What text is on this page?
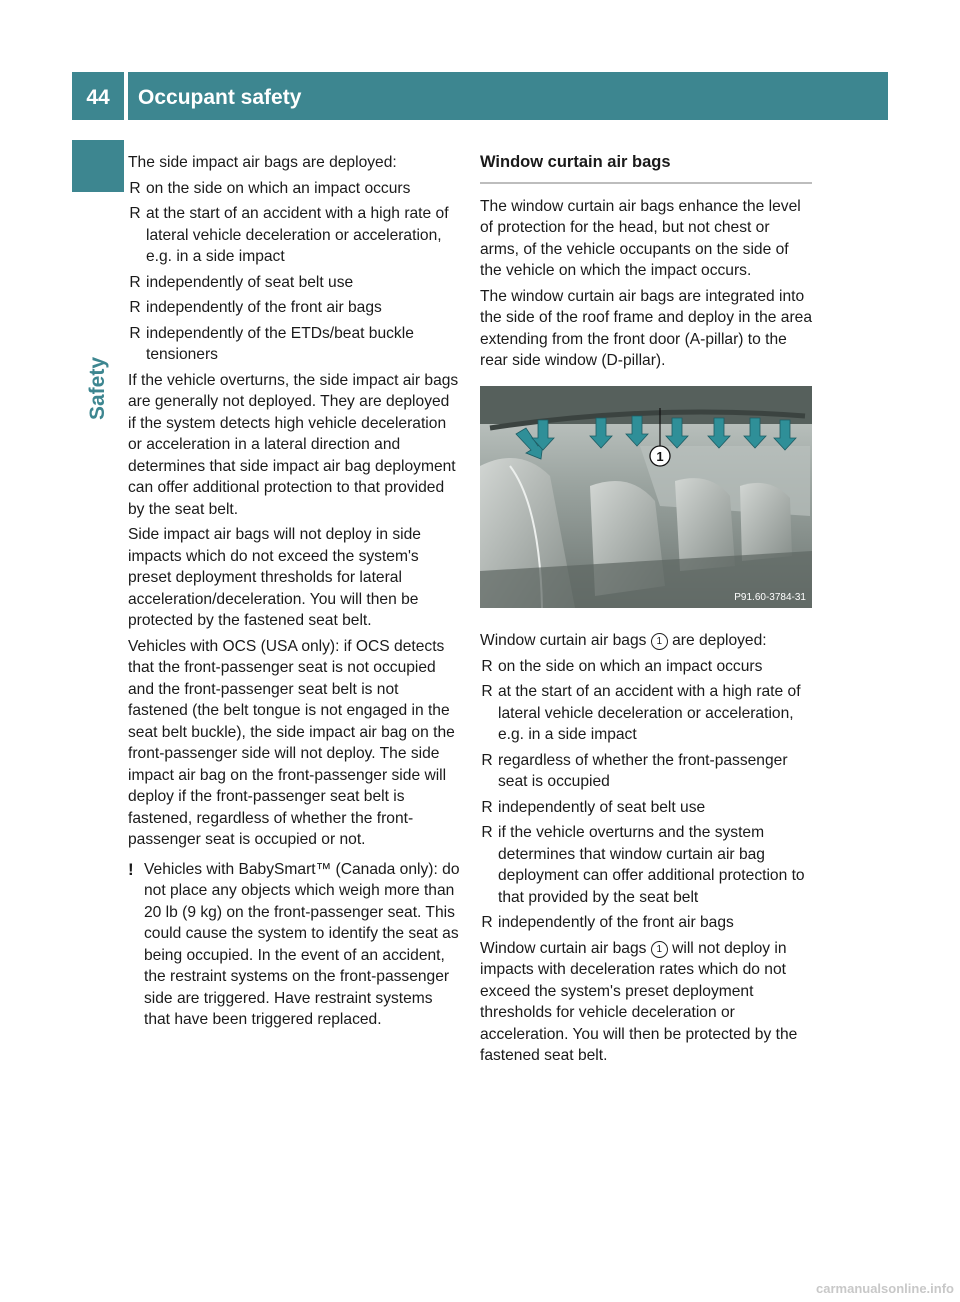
44	Occupant safety
Safety

The side impact air bags are deployed:

R on the side on which an impact occurs
R at the start of an accident with a high rate of lateral vehicle deceleration or acceleration, e.g. in a side impact
R independently of seat belt use
R independently of the front air bags
R independently of the ETDs/beat buckle tensioners

If the vehicle overturns, the side impact air bags are generally not deployed. They are deployed if the system detects high vehicle deceleration or acceleration in a lateral direction and determines that side impact air bag deployment can offer additional protection to that provided by the seat belt.

Side impact air bags will not deploy in side impacts which do not exceed the system's preset deployment thresholds for lateral acceleration/deceleration. You will then be protected by the fastened seat belt.

Vehicles with OCS (USA only): if OCS detects that the front-passenger seat is not occupied and the front-passenger seat belt is not fastened (the belt tongue is not engaged in the seat belt buckle), the side impact air bag on the front-passenger side will not deploy. The side impact air bag on the front-passenger side will deploy if the front-passenger seat belt is fastened, regardless of whether the front-passenger seat is occupied or not.

! Vehicles with BabySmart™ (Canada only): do not place any objects which weigh more than 20 lb (9 kg) on the front-passenger seat. This could cause the system to identify the seat as being occupied. In the event of an accident, the restraint systems on the front-passenger side are triggered. Have restraint systems that have been triggered replaced.
Window curtain air bags

The window curtain air bags enhance the level of protection for the head, but not chest or arms, of the vehicle occupants on the side of the vehicle on which the impact occurs.

The window curtain air bags are integrated into the side of the roof frame and deploy in the area extending from the front door (A-pillar) to the rear side window (D-pillar).

1
P91.60-3784-31

Window curtain air bags 1 are deployed:

R on the side on which an impact occurs
R at the start of an accident with a high rate of lateral vehicle deceleration or acceleration, e.g. in a side impact
R regardless of whether the front-passenger seat is occupied
R independently of seat belt use
R if the vehicle overturns and the system determines that window curtain air bag deployment can offer additional protection to that provided by the seat belt
R independently of the front air bags

Window curtain air bags 1 will not deploy in impacts with deceleration rates which do not exceed the system's preset deployment thresholds for vehicle deceleration or acceleration. You will then be protected by the fastened seat belt.

carmanualsonline.info
